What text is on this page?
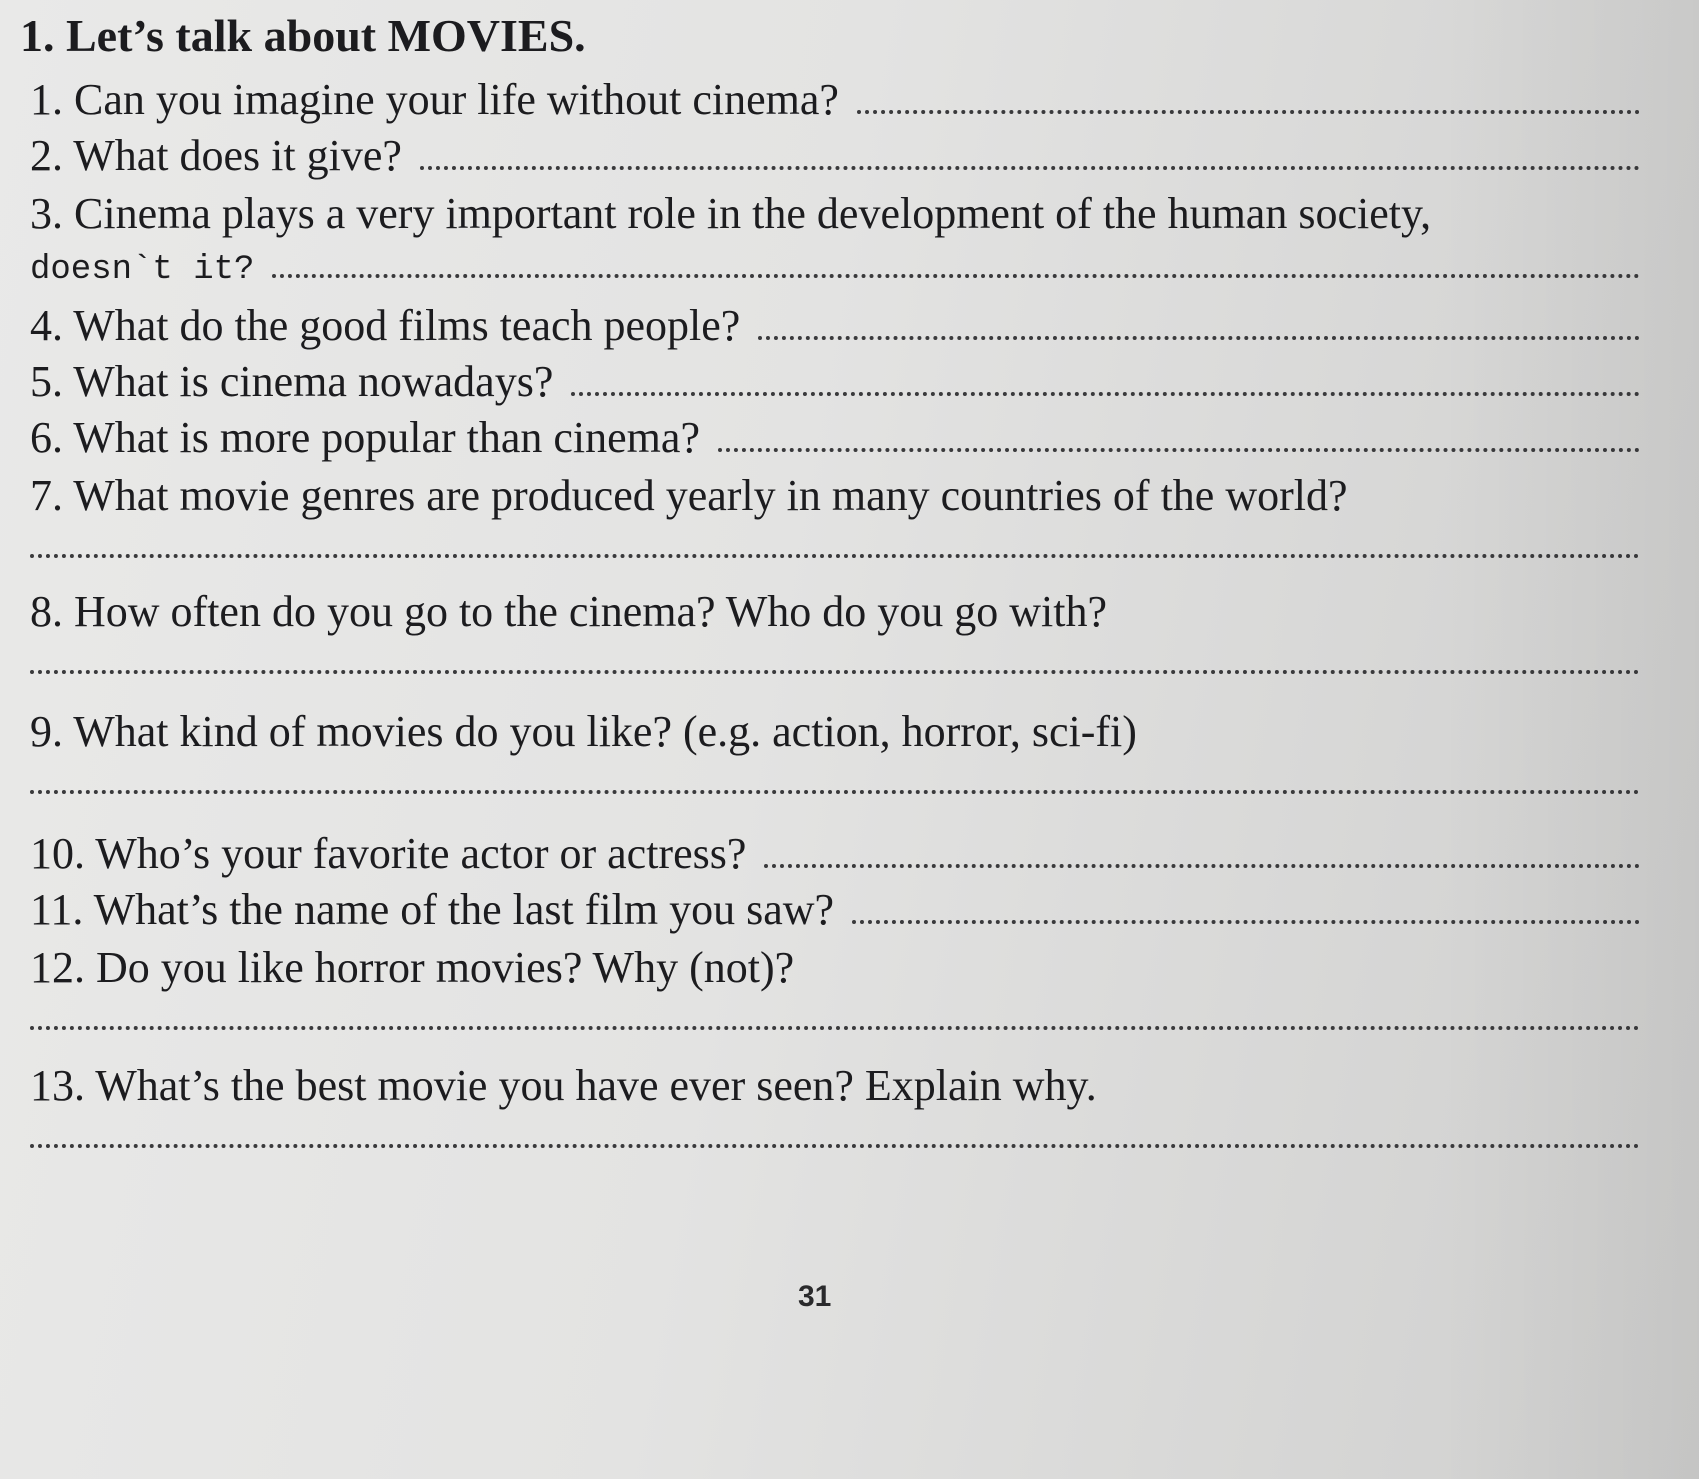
1. Let’s talk about MOVIES.
1. Can you imagine your life without cinema?
2. What does it give?
3. Cinema plays a very important role in the development of the human society,
doesn`t it?
4. What do the good films teach people?
5. What is cinema nowadays?
6. What is more popular than cinema?
7. What movie genres are produced yearly in many countries of the world?
8. How often do you go to the cinema? Who do you go with?
9. What kind of movies do you like? (e.g. action, horror, sci-fi)
10. Who’s your favorite actor or actress?
11. What’s the name of the last film you saw?
12. Do you like horror movies? Why (not)?
13. What’s the best movie you have ever seen? Explain why.
31
